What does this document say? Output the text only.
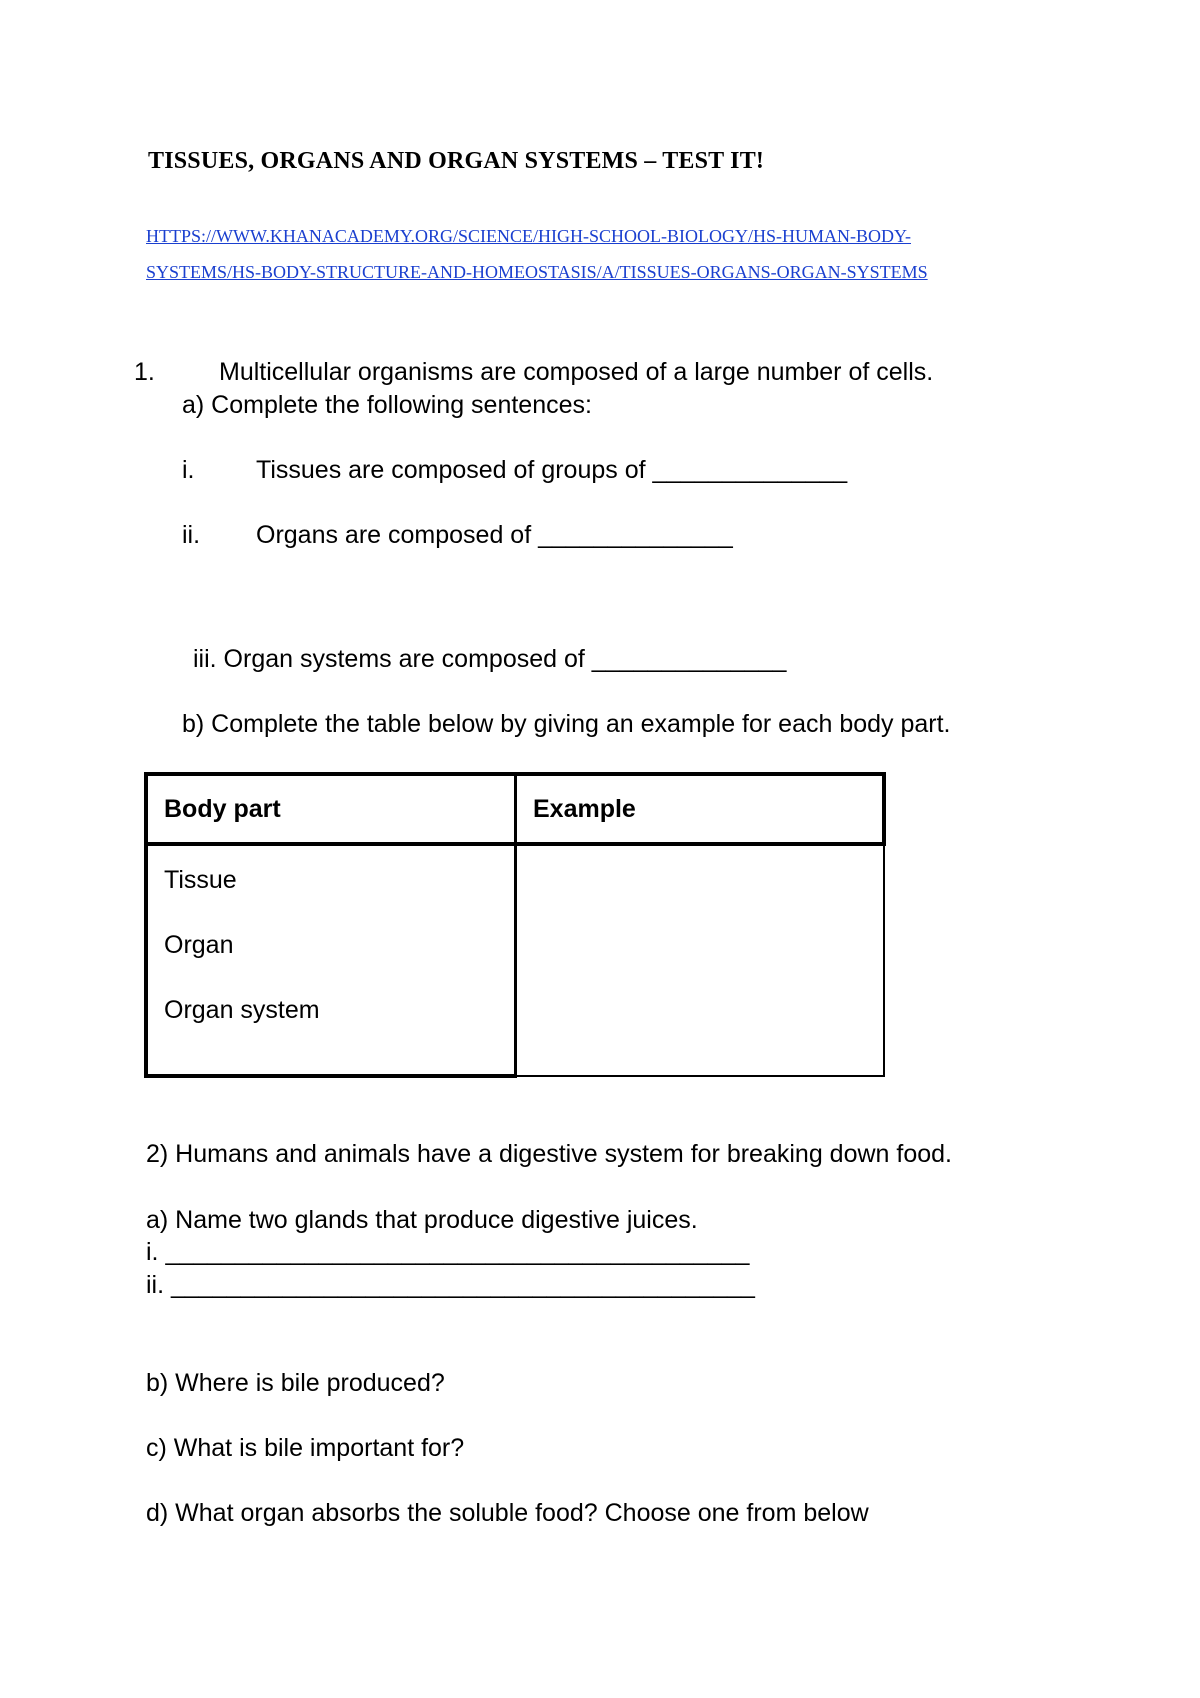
TISSUES, ORGANS AND ORGAN SYSTEMS – TEST IT!
HTTPS://WWW.KHANACADEMY.ORG/SCIENCE/HIGH-SCHOOL-BIOLOGY/HS-HUMAN-BODY-
SYSTEMS/HS-BODY-STRUCTURE-AND-HOMEOSTASIS/A/TISSUES-ORGANS-ORGAN-SYSTEMS
1.	Multicellular organisms are composed of a large number of cells.
a) Complete the following sentences:
i. Tissues are composed of groups of ______________
ii. Organs are composed of ______________
iii. Organ systems are composed of ______________
b) Complete the table below by giving an example for each body part.
Body part	Example

Tissue
Organ
Organ system	

2) Humans and animals have a digestive system for breaking down food.
a) Name two glands that produce digestive juices.
i. __________________________________________
ii. __________________________________________
b) Where is bile produced?
c) What is bile important for?
d) What organ absorbs the soluble food? Choose one from below
